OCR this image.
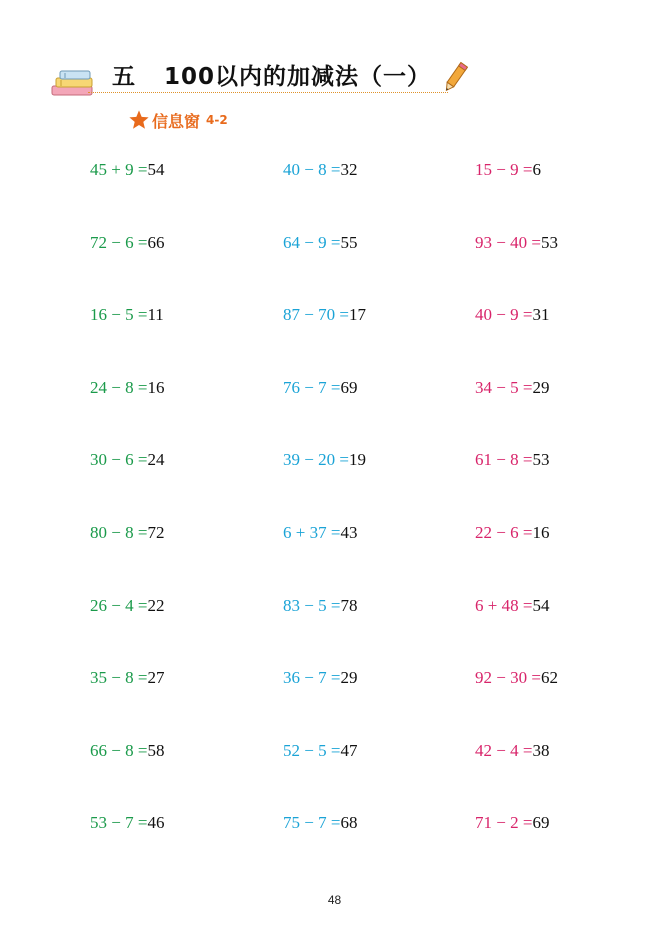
五 100以内的加减法（一）
信息窗 4-2
45 + 9 =54
72 − 6 =66
16 − 5 =11
24 − 8 =16
30 − 6 =24
80 − 8 =72
26 − 4 =22
35 − 8 =27
66 − 8 =58
53 − 7 =46
40 − 8 =32
64 − 9 =55
87 − 70 =17
76 − 7 =69
39 − 20 =19
6 + 37 =43
83 − 5 =78
36 − 7 =29
52 − 5 =47
75 − 7 =68
15 − 9 =6
93 − 40 =53
40 − 9 =31
34 − 5 =29
61 − 8 =53
22 − 6 =16
6 + 48 =54
92 − 30 =62
42 − 4 =38
71 − 2 =69
48
